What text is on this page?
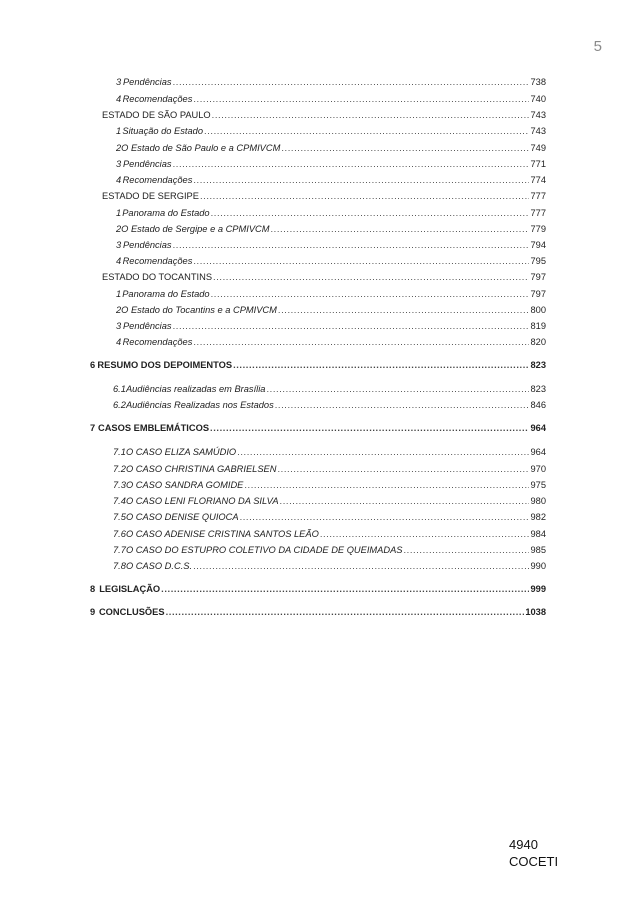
5
3 Pendências .....	738
4 Recomendações .....	740
ESTADO DE SÃO PAULO .....	743
1 Situação do Estado .....	743
2 O Estado de São Paulo e a CPMIVCM .....	749
3 Pendências .....	771
4 Recomendações .....	774
ESTADO DE SERGIPE .....	777
1 Panorama do Estado .....	777
2 O Estado de Sergipe e a CPMIVCM .....	779
3 Pendências .....	794
4 Recomendações .....	795
ESTADO DO TOCANTINS .....	797
1 Panorama do Estado .....	797
2 O Estado do Tocantins e a CPMIVCM .....	800
3 Pendências .....	819
4 Recomendações .....	820
6 RESUMO DOS DEPOIMENTOS .....	823
6.1 Audiências realizadas em Brasília .....	823
6.2 Audiências Realizadas nos Estados .....	846
7 CASOS EMBLEMÁTICOS .....	964
7.1 O CASO ELIZA SAMÚDIO .....	964
7.2 O CASO CHRISTINA GABRIELSEN .....	970
7.3 O CASO SANDRA GOMIDE .....	975
7.4 O CASO LENI FLORIANO DA SILVA .....	980
7.5 O CASO DENISE QUIOCA .....	982
7.6 O CASO ADENISE CRISTINA SANTOS LEÃO .....	984
7.7 O CASO DO ESTUPRO COLETIVO DA CIDADE DE QUEIMADAS .....	985
7.8 O CASO D.C.S. .....	990
8 LEGISLAÇÃO .....	999
9 CONCLUSÕES .....	1038
4940
COCETI
